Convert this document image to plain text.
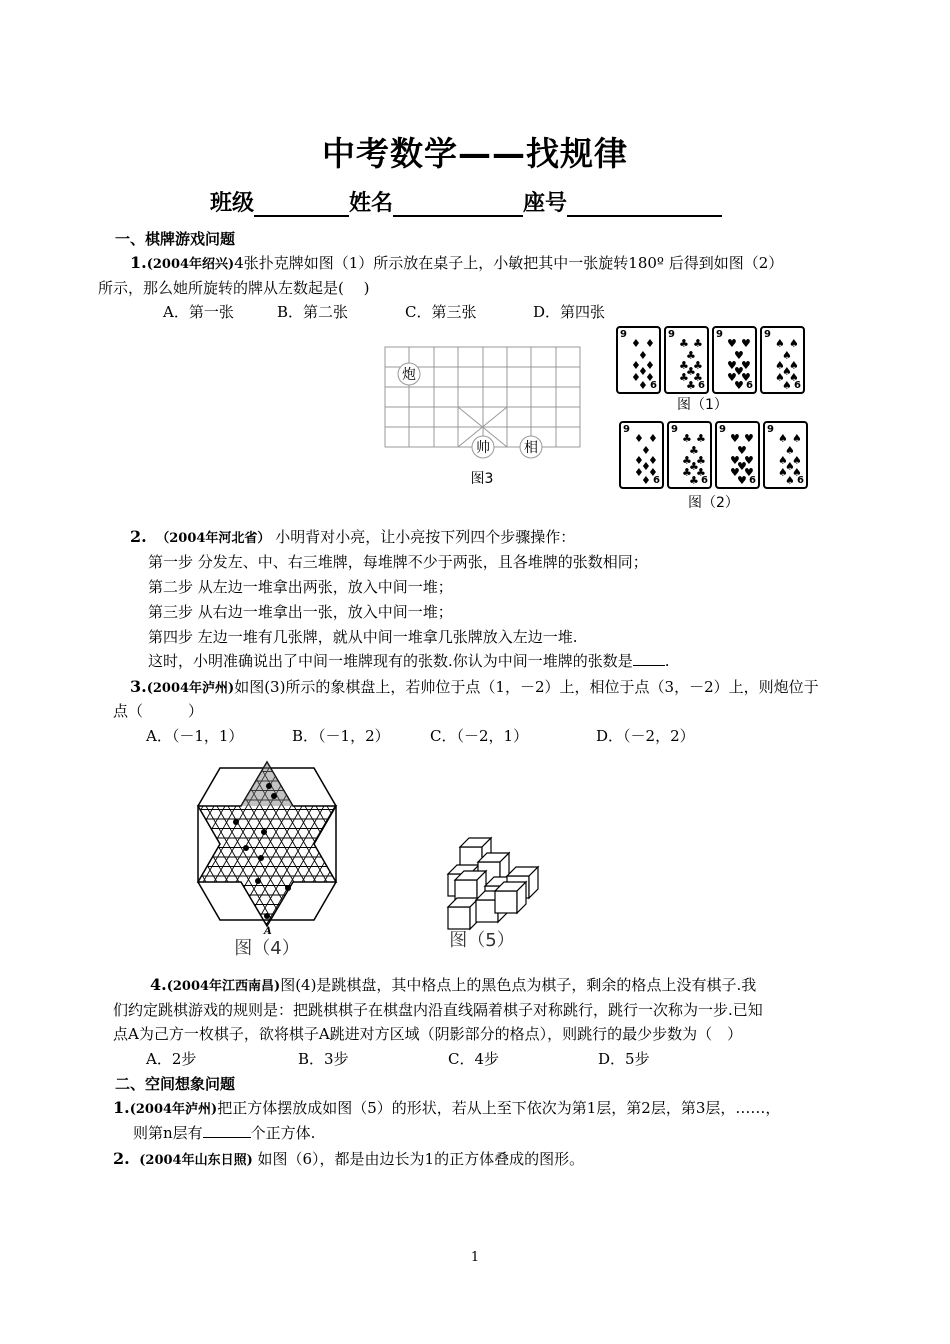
中考数学——找规律
班级	姓名	座号
一、棋牌游戏问题
1.(2004年绍兴)4张扑克牌如图（1）所示放在桌子上，小敏把其中一张旋转180º 后得到如图（2）
所示，那么她所旋转的牌从左数起是(　 )
A．第一张	B．第二张	C．第三张	D．第四张
炮
帅 相
图3
9
6
♦ ♦
♦
♦ ♦
♦ ♦
♦
♦
9
6
♣ ♣
♣
♣ ♣
♣ ♣
♣
♣
9
6
♥ ♥
♥
♥ ♥
♥ ♥
♥
♥
9
6
♠ ♠
♠
♠ ♠
♠ ♠
♠
♠
图（1）
9
6
♦ ♦
♦
♦ ♦
♦ ♦
♦
♦
9
6
♣ ♣
♣
♣ ♣
♣ ♣
♣
♣
9
6
♥ ♥
♥
♥ ♥
♥ ♥
♥
♥
9
6
♠ ♠
♠
♠ ♠
♠ ♠
♠
♠
图（2）
2. （2004年河北省） 小明背对小亮，让小亮按下列四个步骤操作：
第一步 分发左、中、右三堆牌，每堆牌不少于两张，且各堆牌的张数相同；
第二步 从左边一堆拿出两张，放入中间一堆；
第三步 从右边一堆拿出一张，放入中间一堆；
第四步 左边一堆有几张牌，就从中间一堆拿几张牌放入左边一堆.
这时，小明准确说出了中间一堆牌现有的张数.你认为中间一堆牌的张数是 .
3.(2004年泸州)如图(3)所示的象棋盘上，若帅位于点（1，－2）上，相位于点（3，－2）上，则炮位于
点（　　　）
A．（－1，1）	B．（－1，2）	C．（－2，1）	D．（－2，2）
A
图（4）	图（5）
4.(2004年江西南昌)图(4)是跳棋盘，其中格点上的黑色点为棋子，剩余的格点上没有棋子.我
们约定跳棋游戏的规则是：把跳棋棋子在棋盘内沿直线隔着棋子对称跳行，跳行一次称为一步.已知
点A为己方一枚棋子，欲将棋子A跳进对方区域（阴影部分的格点），则跳行的最少步数为（　）
A．2步	B．3步	C．4步	D．5步
二、空间想象问题
1.(2004年泸州)把正方体摆放成如图（5）的形状，若从上至下依次为第1层，第2层，第3层，……，
则第n层有	个正方体.
2. (2004年山东日照) 如图（6），都是由边长为1的正方体叠成的图形。
1
